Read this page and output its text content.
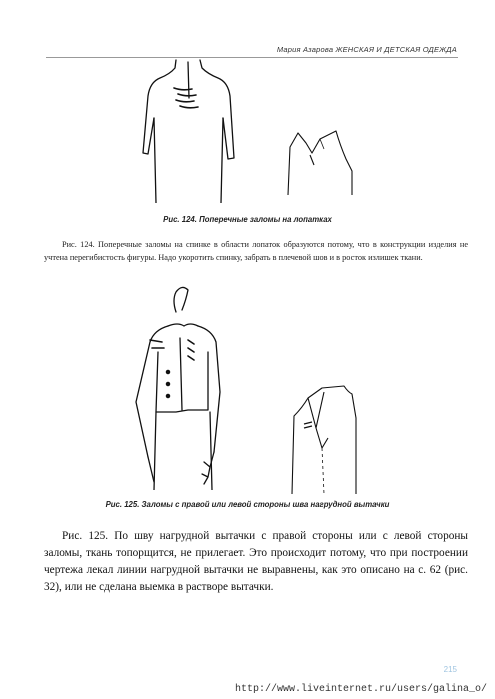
Мария Азарова ЖЕНСКАЯ И ДЕТСКАЯ ОДЕЖДА
Рис. 124. Поперечные заломы на лопатках
Рис. 124. Поперечные заломы на спинке в области лопаток образуются потому, что в конструкции изделия не учтена перегибистость фигуры. Надо укоротить спинку, забрать в плечевой шов и в росток излишек ткани.
Рис. 125. Заломы с правой или левой стороны шва нагрудной вытачки
Рис. 125. По шву нагрудной вытачки с правой стороны или с левой стороны заломы, ткань топорщится, не прилегает. Это происходит потому, что при построении чертежа лекал линии нагрудной вытачки не выравнены, как это описано на с. 62 (рис. 32), или не сделана выемка в растворе вытачки.
215
http://www.liveinternet.ru/users/galina_o/
